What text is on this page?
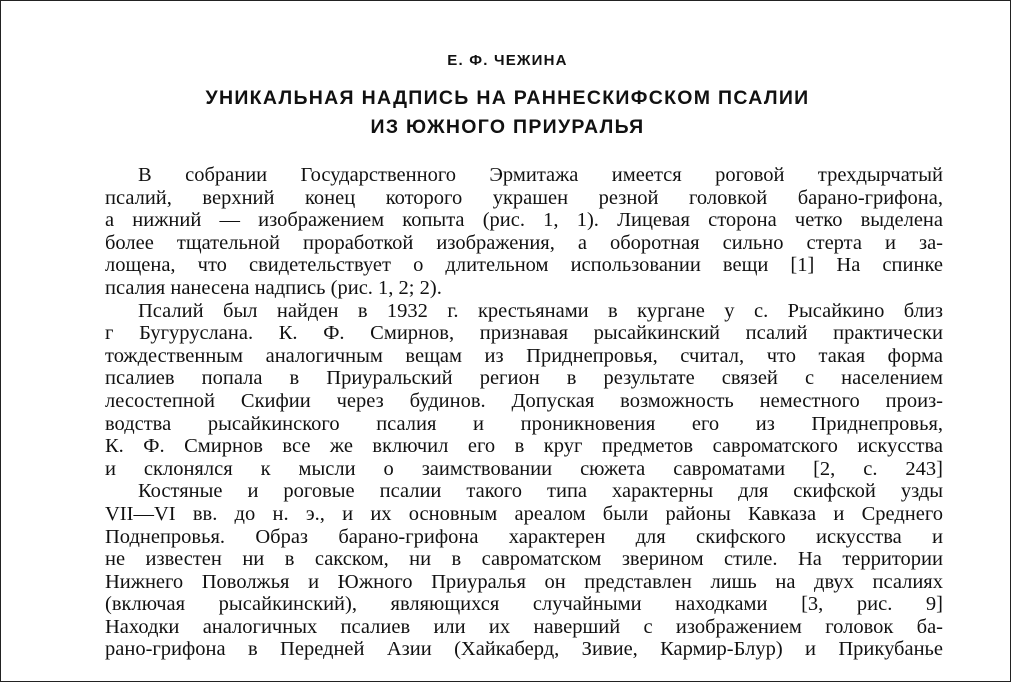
Е. Ф. ЧЕЖИНА
УНИКАЛЬНАЯ НАДПИСЬ НА РАННЕСКИФСКОМ ПСАЛИИ
ИЗ ЮЖНОГО ПРИУРАЛЬЯ
В собрании Государственного Эрмитажа имеется роговой трехдырчатый
псалий, верхний конец которого украшен резной головкой барано-грифона,
а нижний — изображением копыта (рис. 1, 1). Лицевая сторона четко выделена
более тщательной проработкой изображения, а оборотная сильно стерта и за-
лощена, что свидетельствует о длительном использовании вещи [1] На спинке
псалия нанесена надпись (рис. 1, 2; 2).
Псалий был найден в 1932 г. крестьянами в кургане у с. Рысайкино близ
г Бугуруслана. К. Ф. Смирнов, признавая рысайкинский псалий практически
тождественным аналогичным вещам из Приднепровья, считал, что такая форма
псалиев попала в Приуральский регион в результате связей с населением
лесостепной Скифии через будинов. Допуская возможность неместного произ-
водства рысайкинского псалия и проникновения его из Приднепровья,
К. Ф. Смирнов все же включил его в круг предметов савроматского искусства
и склонялся к мысли о заимствовании сюжета савроматами [2, с. 243]
Костяные и роговые псалии такого типа характерны для скифской узды
VII—VI вв. до н. э., и их основным ареалом были районы Кавказа и Среднего
Поднепровья. Образ барано-грифона характерен для скифского искусства и
не известен ни в сакском, ни в савроматском зверином стиле. На территории
Нижнего Поволжья и Южного Приуралья он представлен лишь на двух псалиях
(включая рысайкинский), являющихся случайными находками [3, рис. 9]
Находки аналогичных псалиев или их наверший с изображением головок ба-
рано-грифона в Передней Азии (Хайкаберд, Зивие, Кармир-Блур) и Прикубанье
